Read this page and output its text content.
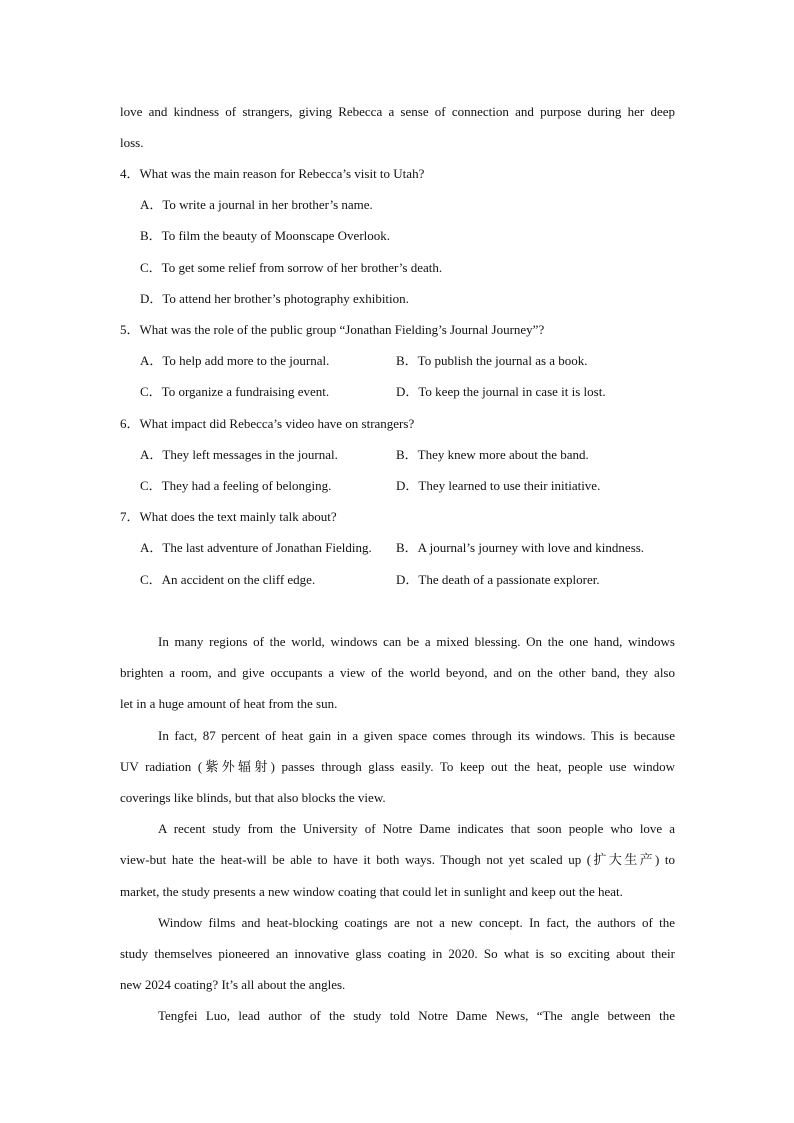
love and kindness of strangers, giving Rebecca a sense of connection and purpose during her deep
loss.
4．What was the main reason for Rebecca’s visit to Utah?
A．To write a journal in her brother’s name.
B．To film the beauty of Moonscape Overlook.
C．To get some relief from sorrow of her brother’s death.
D．To attend her brother’s photography exhibition.
5．What was the role of the public group “Jonathan Fielding’s Journal Journey”?
A．To help add more to the journal.	B．To publish the journal as a book.
C．To organize a fundraising event.	D．To keep the journal in case it is lost.
6．What impact did Rebecca’s video have on strangers?
A．They left messages in the journal.	B．They knew more about the band.
C．They had a feeling of belonging.	D．They learned to use their initiative.
7．What does the text mainly talk about?
A．The last adventure of Jonathan Fielding.	B．A journal’s journey with love and kindness.
C．An accident on the cliff edge.	D．The death of a passionate explorer.
In many regions of the world, windows can be a mixed blessing. On the one hand, windows
brighten a room, and give occupants a view of the world beyond, and on the other band, they also
let in a huge amount of heat from the sun.
In fact, 87 percent of heat gain in a given space comes through its windows. This is because
UV radiation (紫外辐射) passes through glass easily. To keep out the heat, people use window
coverings like blinds, but that also blocks the view.
A recent study from the University of Notre Dame indicates that soon people who love a
view-but hate the heat-will be able to have it both ways. Though not yet scaled up (扩大生产) to
market, the study presents a new window coating that could let in sunlight and keep out the heat.
Window films and heat-blocking coatings are not a new concept. In fact, the authors of the
study themselves pioneered an innovative glass coating in 2020. So what is so exciting about their
new 2024 coating? It’s all about the angles.
Tengfei Luo, lead author of the study told Notre Dame News, “The angle between the
